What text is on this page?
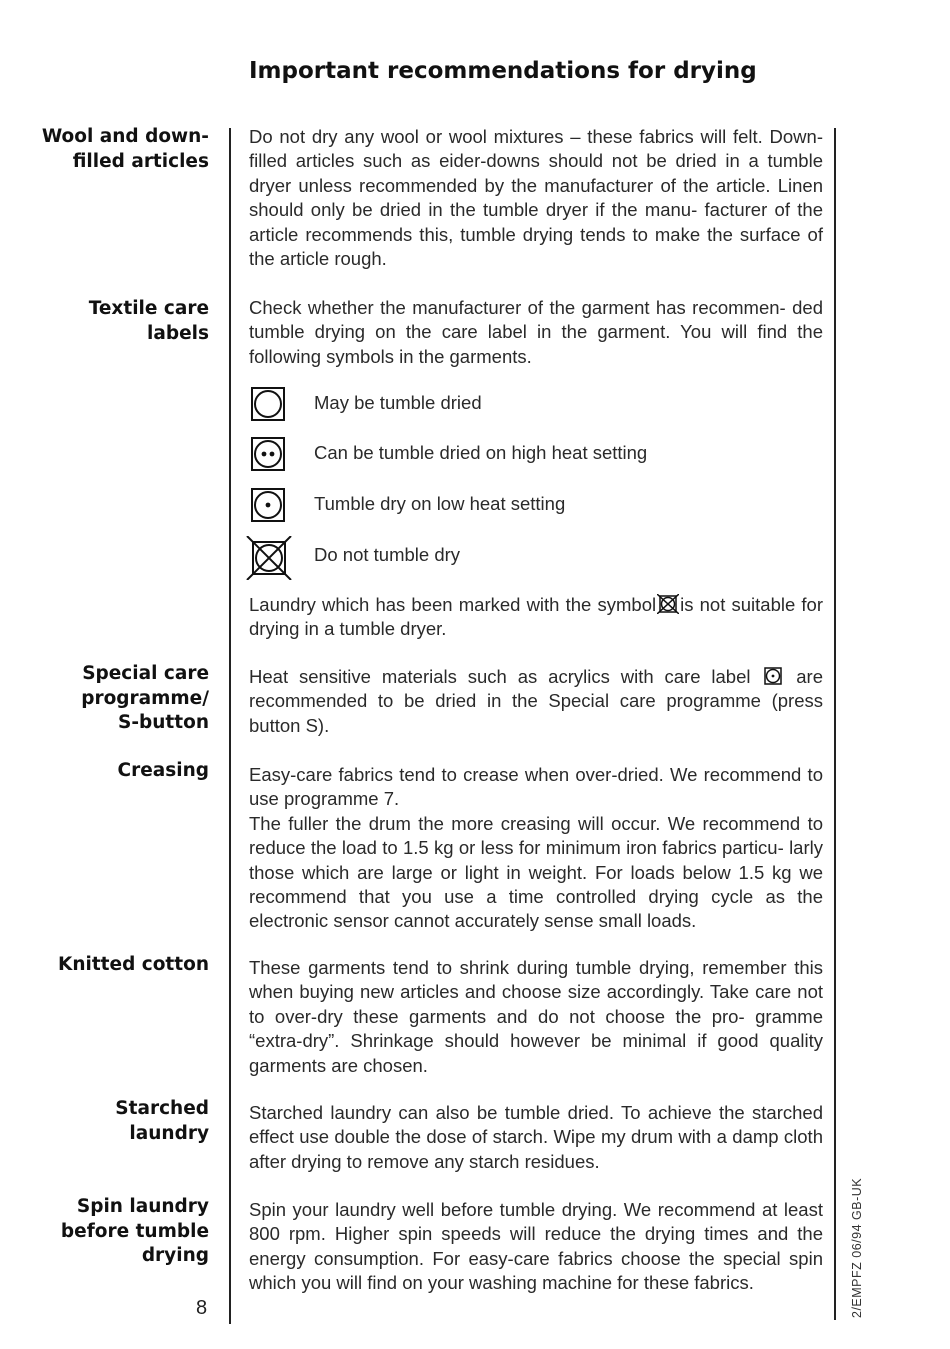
Important recommendations for drying
Wool and down-
filled articles

Do not dry any wool or wool mixtures – these fabrics will felt. Down-filled articles such as eider-downs should not be dried in a tumble dryer unless recommended by the manufacturer of the article. Linen should only be dried in the tumble dryer if the manu- facturer of the article recommends this, tumble drying tends to make the surface of the article rough.

Textile care
labels

Check whether the manufacturer of the garment has recommen- ded tumble drying on the care label in the garment. You will find the following symbols in the garments.

May be tumble dried
Can be tumble dried on high heat setting
Tumble dry on low heat setting
Do not tumble dry

Laundry which has been marked with the symbol is not suitable for drying in a tumble dryer.

Special care
programme/
S-button

Heat sensitive materials such as acrylics with care label are recommended to be dried in the Special care programme (press button S).

Creasing Easy-care fabrics tend to crease when over-dried. We recommend to use programme 7.

The fuller the drum the more creasing will occur. We recommend to reduce the load to 1.5 kg or less for minimum iron fabrics particu- larly those which are large or light in weight. For loads below 1.5 kg we recommend that you use a time controlled drying cycle as the electronic sensor cannot accurately sense small loads.

Knitted cotton These garments tend to shrink during tumble drying, remember this when buying new articles and choose size accordingly. Take care not to over-dry these garments and do not choose the pro- gramme “extra-dry”. Shrinkage should however be minimal if good quality garments are chosen.

Starched
laundry

Starched laundry can also be tumble dried. To achieve the starched effect use double the dose of starch. Wipe my drum with a damp cloth after drying to remove any starch residues.

Spin laundry
before tumble
drying

Spin your laundry well before tumble drying. We recommend at least 800 rpm. Higher spin speeds will reduce the drying times and the energy consumption. For easy-care fabrics choose the special spin which you will find on your washing machine for these fabrics.

8	2/EMPFZ 06/94 GB-UK
